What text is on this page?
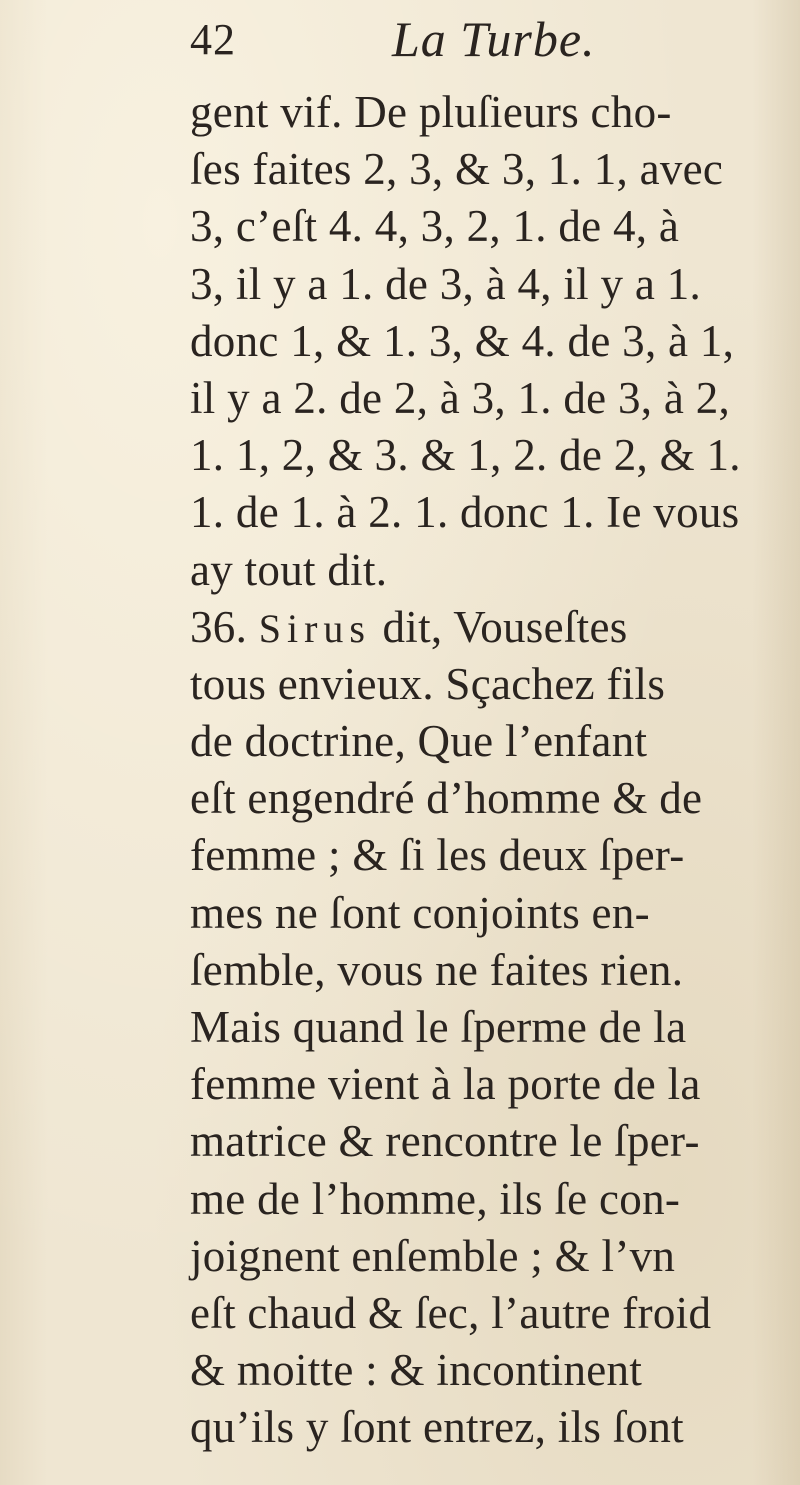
42	La Turbe.
gent vif. De pluſieurs cho-
ſes faites 2, 3, & 3, 1. 1, avec
3, c’eſt 4. 4, 3, 2, 1. de 4, à
3, il y a 1. de 3, à 4, il y a 1.
donc 1, & 1. 3, & 4. de 3, à 1,
il y a 2. de 2, à 3, 1. de 3, à 2,
1. 1, 2, & 3. & 1, 2. de 2, & 1.
1. de 1. à 2. 1. donc 1. Ie vous
ay tout dit.
36. Sirus dit, Vouseſtes
tous envieux. Sçachez fils
de doctrine, Que l’enfant
eſt engendré d’homme & de
femme ; & ſi les deux ſper-
mes ne ſont conjoints en-
ſemble, vous ne faites rien.
Mais quand le ſperme de la
femme vient à la porte de la
matrice & rencontre le ſper-
me de l’homme, ils ſe con-
joignent enſemble ; & l’vn
eſt chaud & ſec, l’autre froid
& moitte : & incontinent
qu’ils y ſont entrez, ils ſont
